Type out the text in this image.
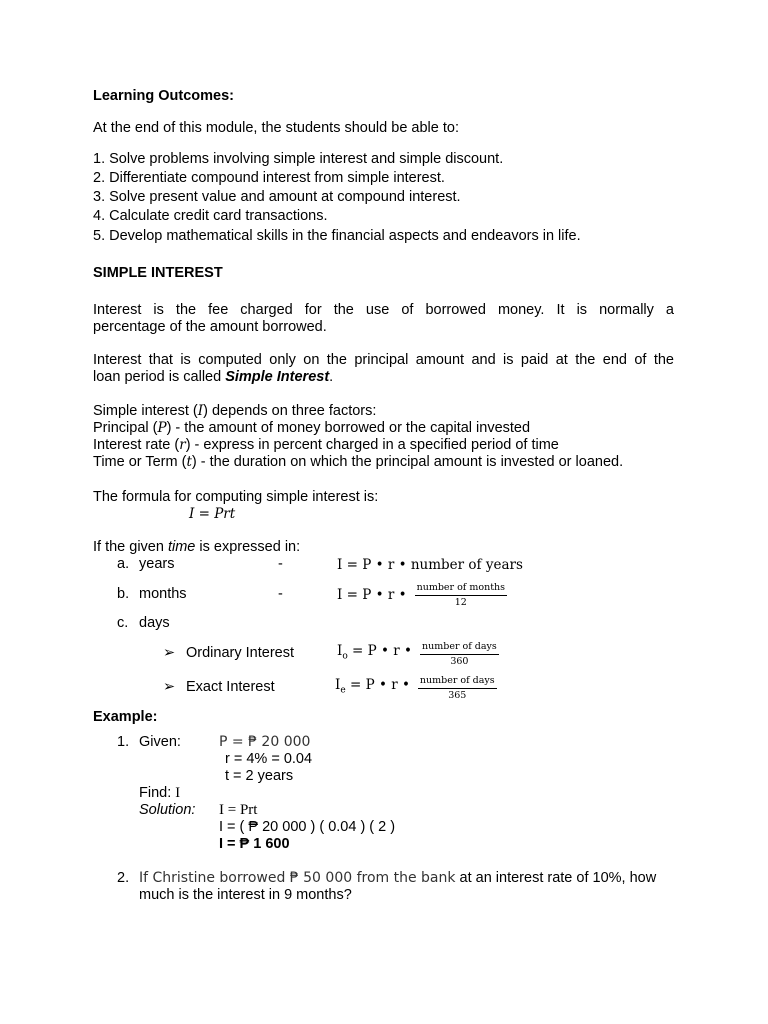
Learning Outcomes:
At the end of this module, the students should be able to:
1. Solve problems involving simple interest and simple discount.
2. Differentiate compound interest from simple interest.
3. Solve present value and amount at compound interest.
4. Calculate credit card transactions.
5. Develop mathematical skills in the financial aspects and endeavors in life.
SIMPLE INTEREST
Interest is the fee charged for the use of borrowed money. It is normally a
percentage of the amount borrowed.
Interest that is computed only on the principal amount and is paid at the end of the
loan period is called Simple Interest.
Simple interest (I) depends on three factors:
Principal (P) - the amount of money borrowed or the capital invested
Interest rate (r) - express in percent charged in a specified period of time
Time or Term (t) - the duration on which the principal amount is invested or loaned.
The formula for computing simple interest is:
I = Prt
If the given time is expressed in:
a. years	-	I = P • r • number of years
b. months	-	I = P • r • $\frac{\text{number of months}}{12}$
c. days
➢ Ordinary Interest	$I_o = P$ • r • $\frac{\text{number of days}}{360}$
➢ Exact Interest	$I_e = P$ • r • $\frac{\text{number of days}}{365}$
Example:
1. Given:	P = ₱ 20 000
r = 4% = 0.04
t = 2 years
Find: I
Solution: I = Prt
I = ( ₱ 20 000 ) ( 0.04 ) ( 2 )
I = ₱ 1 600
2. If Christine borrowed ₱ 50 000 from the bank at an interest rate of 10%, how
much is the interest in 9 months?
